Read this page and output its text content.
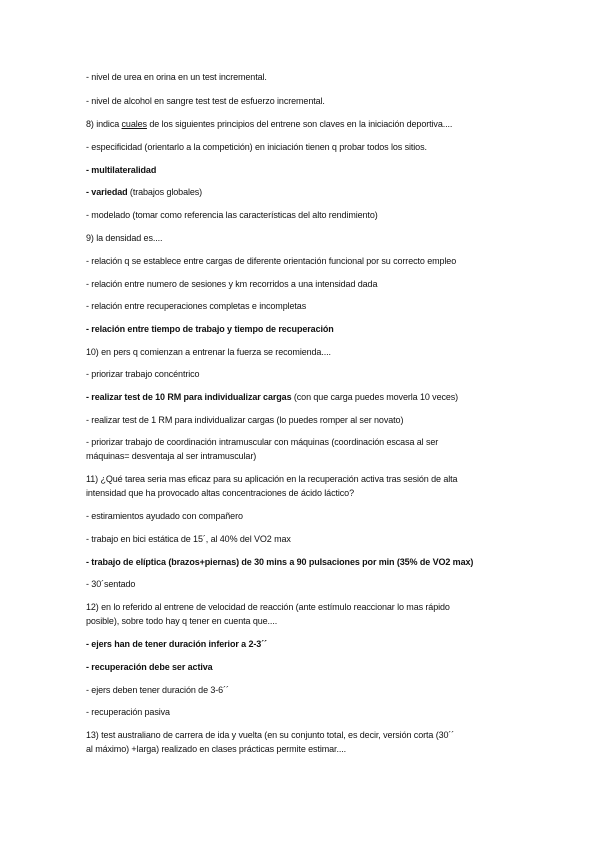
- nivel de urea en orina en un test incremental.
- nivel de alcohol en sangre test test de esfuerzo incremental.
8) indica cuales de los siguientes principios del entrene son claves en la iniciación deportiva....
- especificidad (orientarlo a la competición) en iniciación tienen q probar todos los sitios.
- multilateralidad
- variedad (trabajos globales)
- modelado (tomar como referencia las características del alto rendimiento)
9) la densidad es....
- relación q se establece entre cargas de diferente orientación funcional por su correcto empleo
- relación entre numero de sesiones y km recorridos a una intensidad dada
- relación entre recuperaciones completas e incompletas
- relación entre tiempo de trabajo y tiempo de recuperación
10) en pers q comienzan a entrenar la fuerza se recomienda....
- priorizar trabajo concéntrico
- realizar test de 10 RM para individualizar cargas (con que carga puedes moverla 10 veces)
- realizar test de 1 RM para individualizar cargas (lo puedes romper al ser novato)
- priorizar trabajo de coordinación intramuscular con máquinas (coordinación escasa al ser
máquinas= desventaja al ser intramuscular)
11) ¿Qué tarea seria mas eficaz para su aplicación en la recuperación activa tras sesión de alta
intensidad que ha provocado altas concentraciones de ácido láctico?
- estiramientos ayudado con compañero
- trabajo en bici estática de 15´, al 40% del VO2 max
- trabajo de elíptica (brazos+piernas) de 30 mins a 90 pulsaciones por min (35% de VO2 max)
- 30´sentado
12) en lo referido al entrene de velocidad de reacción (ante estímulo reaccionar lo mas rápido
posible), sobre todo hay q tener en cuenta que....
- ejers han de tener duración inferior a 2-3´´
- recuperación debe ser activa
- ejers deben tener duración de 3-6´´
- recuperación pasiva
13) test australiano de carrera de ida y vuelta (en su conjunto total, es decir, versión corta (30´´
al máximo) +larga) realizado en clases prácticas permite estimar....
